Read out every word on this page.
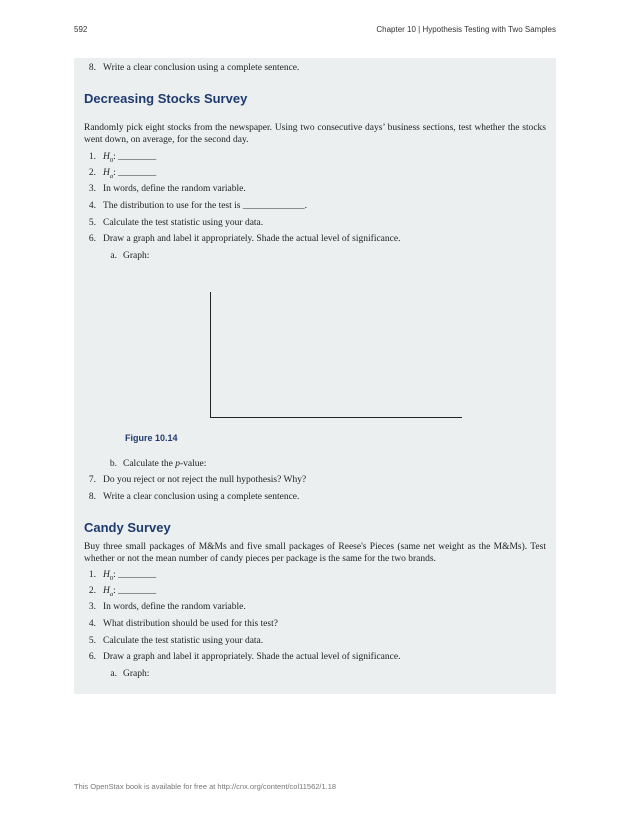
592	Chapter 10 | Hypothesis Testing with Two Samples
8. Write a clear conclusion using a complete sentence.
Decreasing Stocks Survey
Randomly pick eight stocks from the newspaper. Using two consecutive days’ business sections, test whether the stocks went down, on average, for the second day.
1. $H_0$: ________
2. $H_a$: ________
3. In words, define the random variable.
4. The distribution to use for the test is _____________.
5. Calculate the test statistic using your data.
6. Draw a graph and label it appropriately. Shade the actual level of significance.
a. Graph:
Figure 10.14
b. Calculate the p-value:
7. Do you reject or not reject the null hypothesis? Why?
8. Write a clear conclusion using a complete sentence.
Candy Survey
Buy three small packages of M&Ms and five small packages of Reese's Pieces (same net weight as the M&Ms). Test whether or not the mean number of candy pieces per package is the same for the two brands.
1. $H_0$: ________
2. $H_a$: ________
3. In words, define the random variable.
4. What distribution should be used for this test?
5. Calculate the test statistic using your data.
6. Draw a graph and label it appropriately. Shade the actual level of significance.
a. Graph:
This OpenStax book is available for free at http://cnx.org/content/col11562/1.18
